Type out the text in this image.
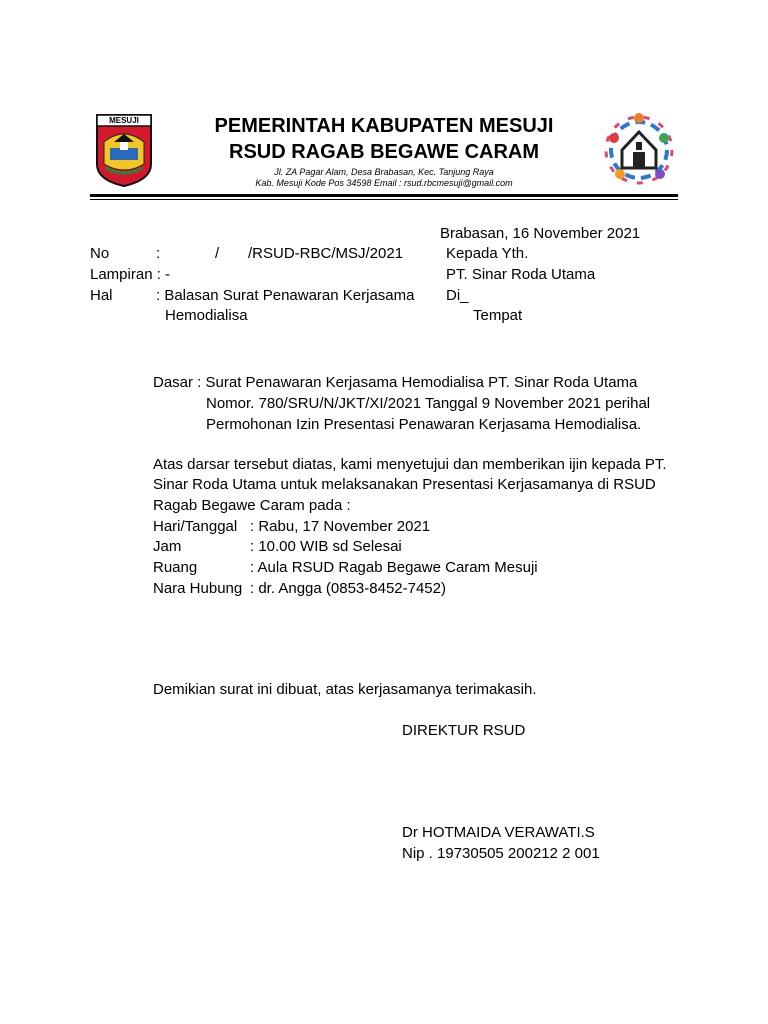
MESUJI	PEMERINTAH KABUPATEN MESUJI
RSUD RAGAB BEGAWE CARAM
Jl. ZA Pagar Alam, Desa Brabasan, Kec. Tanjung Raya
Kab. Mesuji Kode Pos 34598 Email : rsud.rbcmesuji@gmail.com
Brabasan, 16 November 2021
No	:	/ /RSUD-RBC/MSJ/2021
Lampiran : -
Hal	: Balasan Surat Penawaran Kerjasama
Hemodialisa
Kepada Yth.
PT. Sinar Roda Utama
Di_
Tempat
Dasar : Surat Penawaran Kerjasama Hemodialisa PT. Sinar Roda Utama
Nomor. 780/SRU/N/JKT/XI/2021 Tanggal 9 November 2021 perihal
Permohonan Izin Presentasi Penawaran Kerjasama Hemodialisa.
Atas darsar tersebut diatas, kami menyetujui dan memberikan ijin kepada PT.
Sinar Roda Utama untuk melaksanakan Presentasi Kerjasamanya di RSUD
Ragab Begawe Caram pada :
Hari/Tanggal : Rabu, 17 November 2021
Jam	: 10.00 WIB sd Selesai
Ruang	: Aula RSUD Ragab Begawe Caram Mesuji
Nara Hubung : dr. Angga (0853-8452-7452)
Demikian surat ini dibuat, atas kerjasamanya terimakasih.
DIREKTUR RSUD
Dr HOTMAIDA VERAWATI.S
Nip . 19730505 200212 2 001
